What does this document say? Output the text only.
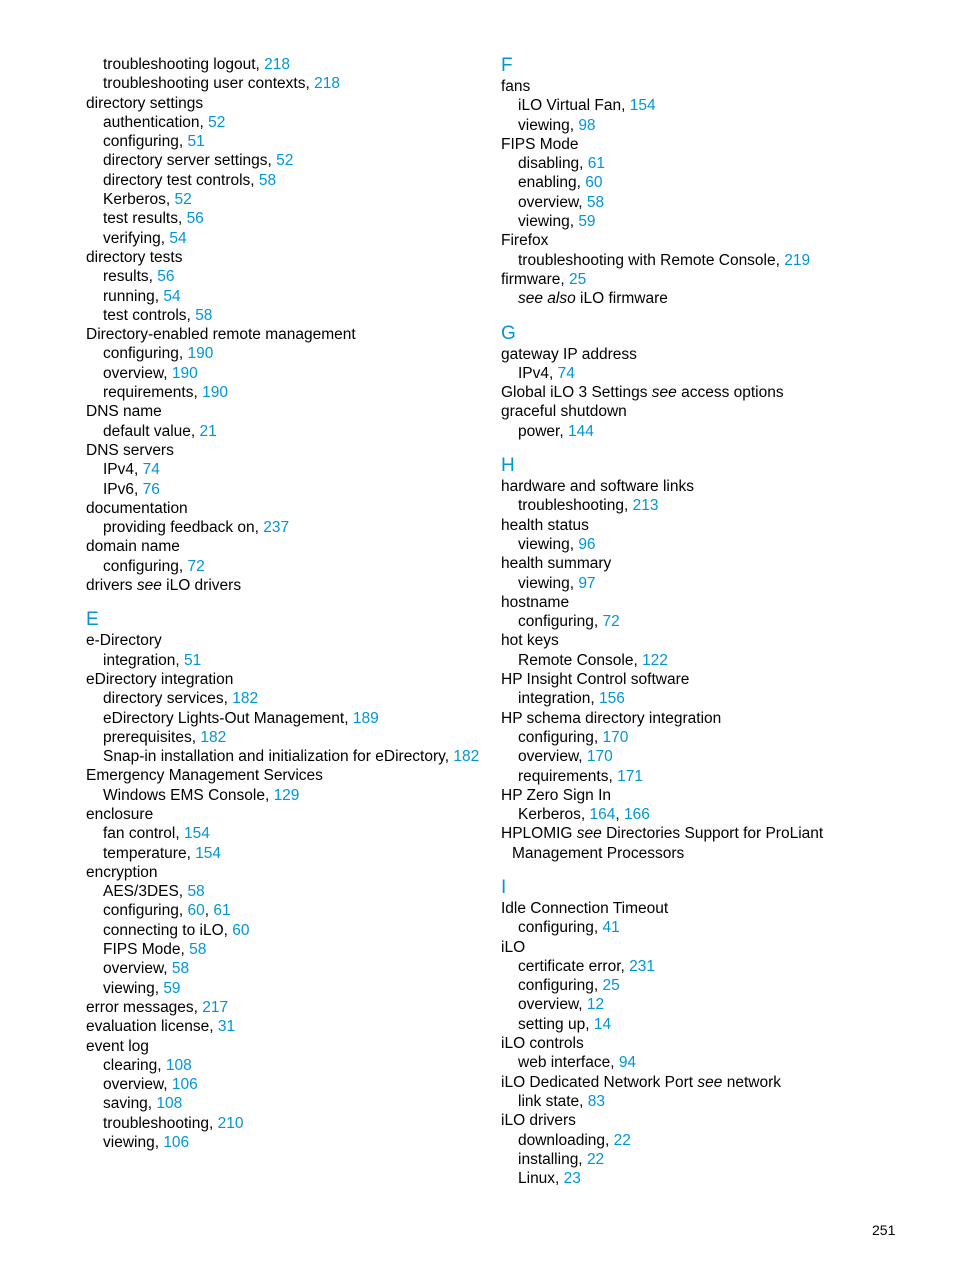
troubleshooting logout, 218
troubleshooting user contexts, 218
directory settings
authentication, 52
configuring, 51
directory server settings, 52
directory test controls, 58
Kerberos, 52
test results, 56
verifying, 54
directory tests
results, 56
running, 54
test controls, 58
Directory-enabled remote management
configuring, 190
overview, 190
requirements, 190
DNS name
default value, 21
DNS servers
IPv4, 74
IPv6, 76
documentation
providing feedback on, 237
domain name
configuring, 72
drivers see iLO drivers
E
e-Directory
integration, 51
eDirectory integration
directory services, 182
eDirectory Lights-Out Management, 189
prerequisites, 182
Snap-in installation and initialization for eDirectory, 182
Emergency Management Services
Windows EMS Console, 129
enclosure
fan control, 154
temperature, 154
encryption
AES/3DES, 58
configuring, 60, 61
connecting to iLO, 60
FIPS Mode, 58
overview, 58
viewing, 59
error messages, 217
evaluation license, 31
event log
clearing, 108
overview, 106
saving, 108
troubleshooting, 210
viewing, 106
F
fans
iLO Virtual Fan, 154
viewing, 98
FIPS Mode
disabling, 61
enabling, 60
overview, 58
viewing, 59
Firefox
troubleshooting with Remote Console, 219
firmware, 25
see also iLO firmware
G
gateway IP address
IPv4, 74
Global iLO 3 Settings see access options
graceful shutdown
power, 144
H
hardware and software links
troubleshooting, 213
health status
viewing, 96
health summary
viewing, 97
hostname
configuring, 72
hot keys
Remote Console, 122
HP Insight Control software
integration, 156
HP schema directory integration
configuring, 170
overview, 170
requirements, 171
HP Zero Sign In
Kerberos, 164, 166
HPLOMIG see Directories Support for ProLiant
Management Processors
I
Idle Connection Timeout
configuring, 41
iLO
certificate error, 231
configuring, 25
overview, 12
setting up, 14
iLO controls
web interface, 94
iLO Dedicated Network Port see network
link state, 83
iLO drivers
downloading, 22
installing, 22
Linux, 23
251
